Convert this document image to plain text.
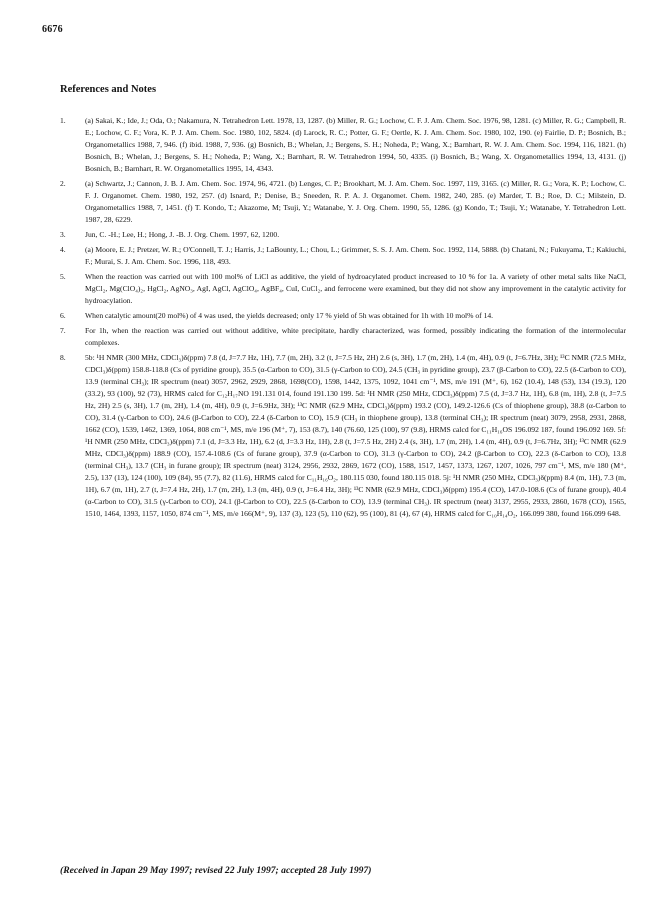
6676
References and Notes
1.	(a) Sakai, K.; Ide, J.; Oda, O.; Nakamura, N. Tetrahedron Lett. 1978, 13, 1287. (b) Miller, R. G.; Lochow, C. F. J. Am. Chem. Soc. 1976, 98, 1281. (c) Miller, R. G.; Campbell, R. E.; Lochow, C. F.; Vora, K. P. J. Am. Chem. Soc. 1980, 102, 5824. (d) Larock, R. C.; Potter, G. F.; Oertle, K. J. Am. Chem. Soc. 1980, 102, 190. (e) Fairlie, D. P.; Bosnich, B.; Organometallics 1988, 7, 946. (f) ibid. 1988, 7, 936. (g) Bosnich, B.; Whelan, J.; Bergens, S. H.; Noheda, P.; Wang, X.; Barnhart, R. W. J. Am. Chem. Soc. 1994, 116, 1821. (h) Bosnich, B.; Whelan, J.; Bergens, S. H.; Noheda, P.; Wang, X.; Barnhart, R. W. Tetrahedron 1994, 50, 4335. (i) Bosnich, B.; Wang, X. Organometallics 1994, 13, 4131. (j) Bosnich, B.; Barnhart, R. W. Organometallics 1995, 14, 4343.
2.	(a) Schwartz, J.; Cannon, J. B. J. Am. Chem. Soc. 1974, 96, 4721. (b) Lenges, C. P.; Brookhart, M. J. Am. Chem. Soc. 1997, 119, 3165. (c) Miller, R. G.; Vora, K. P.; Lochow, C. F. J. Organomet. Chem. 1980, 192, 257. (d) Isnard, P.; Denise, B.; Sneeden, R. P. A. J. Organomet. Chem. 1982, 240, 285. (e) Marder, T. B.; Roe, D. C.; Milstein, D. Organometallics 1988, 7, 1451. (f) T. Kondo, T.; Akazome, M; Tsuji, Y.; Watanabe, Y. J. Org. Chem. 1990, 55, 1286. (g) Kondo, T.; Tsuji, Y.; Watanabe, Y. Tetrahedron Lett. 1987, 28, 6229.
3.	Jun, C. -H.; Lee, H.; Hong, J. -B. J. Org. Chem. 1997, 62, 1200.
4.	(a) Moore, E. J.; Pretzer, W. R.; O'Connell, T. J.; Harris, J.; LaBounty, L.; Chou, L.; Grimmer, S. S. J. Am. Chem. Soc. 1992, 114, 5888. (b) Chatani, N.; Fukuyama, T.; Kakiuchi, F.; Murai, S. J. Am. Chem. Soc. 1996, 118, 493.
5.	When the reaction was carried out with 100 mol% of LiCl as additive, the yield of hydroacylated product increased to 10 % for 1a. A variety of other metal salts like NaCl, MgCl₂, Mg(ClO₄)₂, HgCl₂, AgNO₃, AgI, AgCl, AgClO₄, AgBF₄, CuI, CuCl₂, and ferrocene were examined, but they did not show any improvement in the catalytic activity for hydroacylation.
6.	When catalytic amount(20 mol%) of 4 was used, the yields decreased; only 17 % yield of 5h was obtained for 1h with 10 mol% of 14.
7.	For 1h, when the reaction was carried out without additive, white precipitate, hardly characterized, was formed, possibly indicating the formation of the intermolecular complexes.
8.	5b: ¹H NMR (300 MHz, CDCl₃)δ(ppm) 7.8 (d, J=7.7 Hz, 1H), 7.7 (m, 2H), 3.2 (t, J=7.5 Hz, 2H) 2.6 (s, 3H), 1.7 (m, 2H), 1.4 (m, 4H), 0.9 (t, J=6.7Hz, 3H); ¹³C NMR (72.5 MHz, CDCl₃)δ(ppm) 158.8-118.8 (Cs of pyridine group), 35.5 (α-Carbon to CO), 31.5 (γ-Carbon to CO), 24.5 (CH₃ in pyridine group), 23.7 (β-Carbon to CO), 22.5 (δ-Carbon to CO), 13.9 (terminal CH₃); IR spectrum (neat) 3057, 2962, 2929, 2868, 1698(CO), 1598, 1442, 1375, 1092, 1041 cm⁻¹, MS, m/e 191 (M⁺, 6), 162 (10.4), 148 (53), 134 (19.3), 120 (33.2), 93 (100), 92 (73), HRMS calcd for C₁₂H₁₇NO 191.131 014, found 191.130 199. 5d: ¹H NMR (250 MHz, CDCl₃)δ(ppm) 7.5 (d, J=3.7 Hz, 1H), 6.8 (m, 1H), 2.8 (t, J=7.5 Hz, 2H) 2.5 (s, 3H), 1.7 (m, 2H), 1.4 (m, 4H), 0.9 (t, J=6.9Hz, 3H); ¹³C NMR (62.9 MHz, CDCl₃)δ(ppm) 193.2 (CO), 149.2-126.6 (Cs of thiophene group), 38.8 (α-Carbon to CO), 31.4 (γ-Carbon to CO), 24.6 (β-Carbon to CO), 22.4 (δ-Carbon to CO), 15.9 (CH₃ in thiophene group), 13.8 (terminal CH₃); IR spectrum (neat) 3079, 2958, 2931, 2868, 1662 (CO), 1539, 1462, 1369, 1064, 808 cm⁻¹, MS, m/e 196 (M⁺, 7), 153 (8.7), 140 (76.60, 125 (100), 97 (9.8), HRMS calcd for C₁₁H₁₆OS 196.092 187, found 196.092 169. 5f: ¹H NMR (250 MHz, CDCl₃)δ(ppm) 7.1 (d, J=3.3 Hz, 1H), 6.2 (d, J=3.3 Hz, 1H), 2.8 (t, J=7.5 Hz, 2H) 2.4 (s, 3H), 1.7 (m, 2H), 1.4 (m, 4H), 0.9 (t, J=6.7Hz, 3H); ¹³C NMR (62.9 MHz, CDCl₃)δ(ppm) 188.9 (CO), 157.4-108.6 (Cs of furane group), 37.9 (α-Carbon to CO), 31.3 (γ-Carbon to CO), 24.2 (β-Carbon to CO), 22.3 (δ-Carbon to CO), 13.8 (terminal CH₃), 13.7 (CH₃ in furane group); IR spectrum (neat) 3124, 2956, 2932, 2869, 1672 (CO), 1588, 1517, 1457, 1373, 1267, 1207, 1026, 797 cm⁻¹, MS, m/e 180 (M⁺, 2.5), 137 (13), 124 (100), 109 (84), 95 (7.7), 82 (11.6), HRMS calcd for C₁₁H₁₆O₂, 180.115 030, found 180.115 018. 5j: ¹H NMR (250 MHz, CDCl₃)δ(ppm) 8.4 (m, 1H), 7.3 (m, 1H), 6.7 (m, 1H), 2.7 (t, J=7.4 Hz, 2H), 1.7 (m, 2H), 1.3 (m, 4H), 0.9 (t, J=6.4 Hz, 3H); ¹³C NMR (62.9 MHz, CDCl₃)δ(ppm) 195.4 (CO), 147.0-108.6 (Cs of furane group), 40.4 (α-Carbon to CO), 31.5 (γ-Carbon to CO), 24.1 (β-Carbon to CO), 22.5 (δ-Carbon to CO), 13.9 (terminal CH₃). IR spectrum (neat) 3137, 2955, 2933, 2860, 1678 (CO), 1565, 1510, 1464, 1393, 1157, 1050, 874 cm⁻¹, MS, m/e 166(M⁺, 9), 137 (3), 123 (5), 110 (62), 95 (100), 81 (4), 67 (4), HRMS calcd for C₁₀H₁₄O₂, 166.099 380, found 166.099 648.
(Received in Japan 29 May 1997; revised 22 July 1997; accepted 28 July 1997)
